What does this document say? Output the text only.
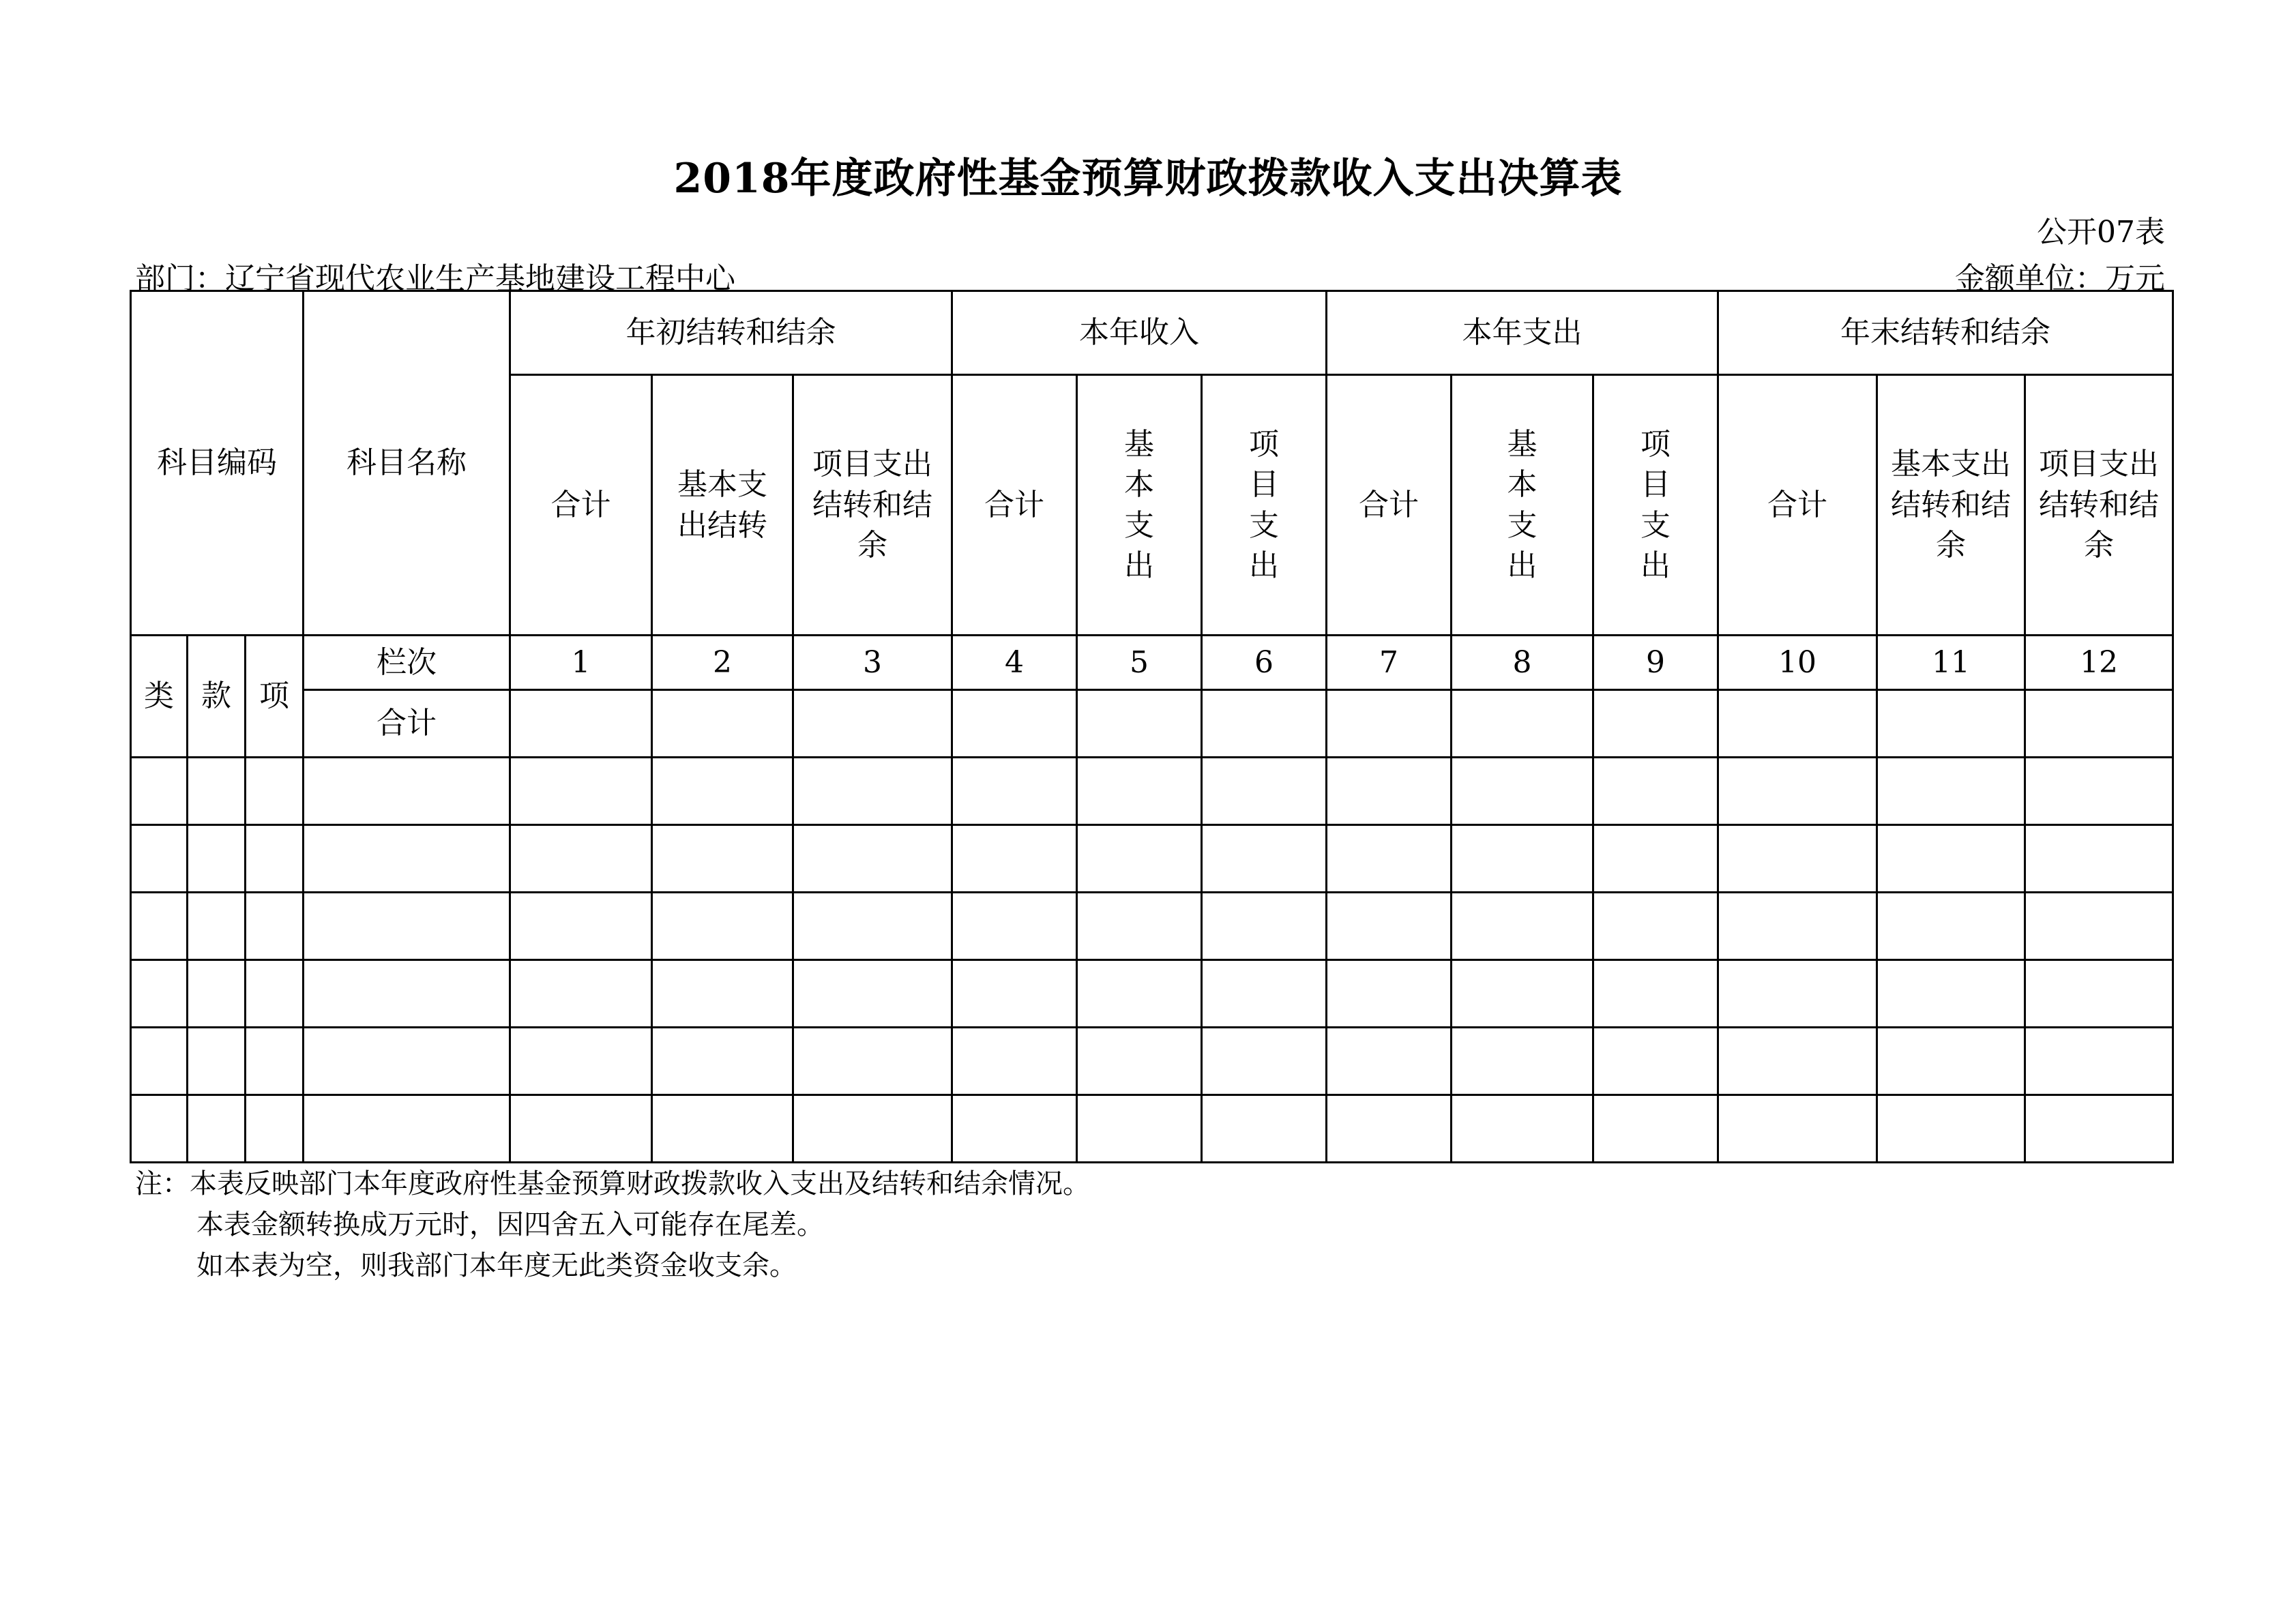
2018年度政府性基金预算财政拨款收入支出决算表
公开07表
部门：辽宁省现代农业生产基地建设工程中心	金额单位：万元
科目编码			科目名称	年初结转和结余			本年收入			本年支出			年末结转和结余		
				合计	基本支出结转	项目支出结转和结余	合计	基本支出	项目支出	合计	基本支出	项目支出	合计	基本支出结转和结余	项目支出结转和结余
类	款	项	栏次	1	2	3	4	5	6	7	8	9	10	11	12
			合计												

注：本表反映部门本年度政府性基金预算财政拨款收入支出及结转和结余情况。
本表金额转换成万元时，因四舍五入可能存在尾差。
如本表为空，则我部门本年度无此类资金收支余。
